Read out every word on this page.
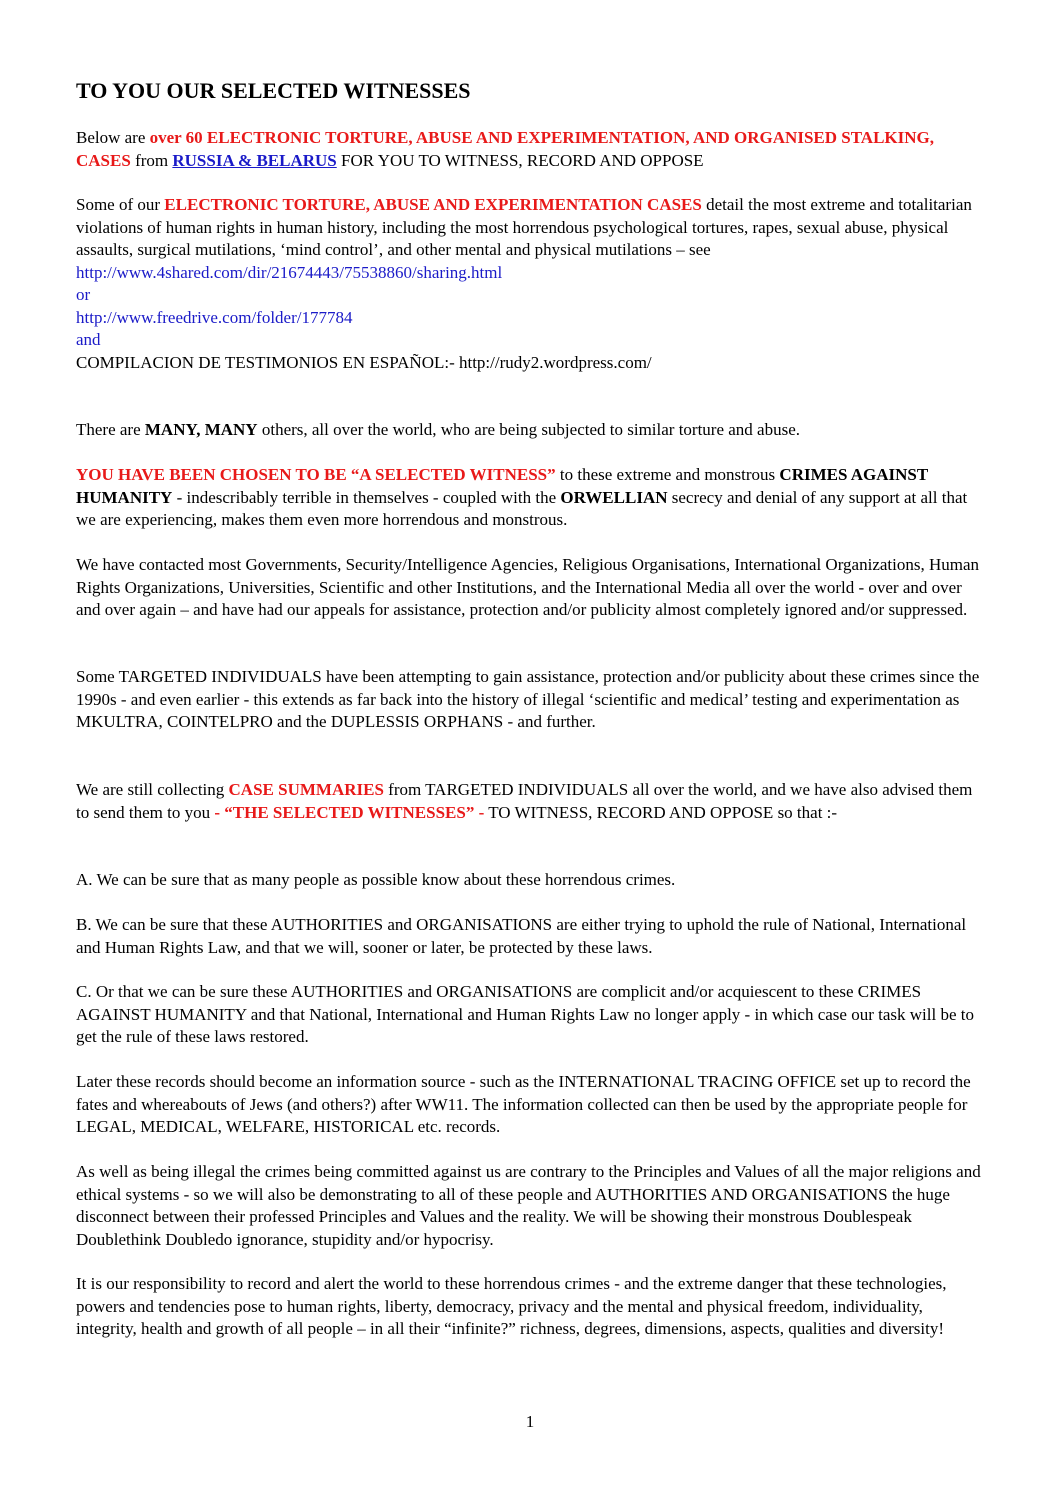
TO YOU OUR SELECTED WITNESSES

Below are over 60 ELECTRONIC TORTURE, ABUSE AND EXPERIMENTATION, AND ORGANISED STALKING, CASES from RUSSIA & BELARUS FOR YOU TO WITNESS, RECORD AND OPPOSE

Some of our ELECTRONIC TORTURE, ABUSE AND EXPERIMENTATION CASES detail the most extreme and totalitarian violations of human rights in human history, including the most horrendous psychological tortures, rapes, sexual abuse, physical assaults, surgical mutilations, ‘mind control’, and other mental and physical mutilations – see
http://www.4shared.com/dir/21674443/75538860/sharing.html
or
http://www.freedrive.com/folder/177784
and
COMPILACION DE TESTIMONIOS EN ESPAÑOL:- http://rudy2.wordpress.com/

There are MANY, MANY others, all over the world, who are being subjected to similar torture and abuse.

YOU HAVE BEEN CHOSEN TO BE “A SELECTED WITNESS” to these extreme and monstrous CRIMES AGAINST HUMANITY - indescribably terrible in themselves - coupled with the ORWELLIAN secrecy and denial of any support at all that we are experiencing, makes them even more horrendous and monstrous.

We have contacted most Governments, Security/Intelligence Agencies, Religious Organisations, International Organizations, Human Rights Organizations, Universities, Scientific and other Institutions, and the International Media all over the world - over and over and over again – and have had our appeals for assistance, protection and/or publicity almost completely ignored and/or suppressed.

Some TARGETED INDIVIDUALS have been attempting to gain assistance, protection and/or publicity about these crimes since the 1990s - and even earlier - this extends as far back into the history of illegal ‘scientific and medical’ testing and experimentation as MKULTRA, COINTELPRO and the DUPLESSIS ORPHANS - and further.

We are still collecting CASE SUMMARIES from TARGETED INDIVIDUALS all over the world, and we have also advised them to send them to you - “THE SELECTED WITNESSES” - TO WITNESS, RECORD AND OPPOSE so that :-

A. We can be sure that as many people as possible know about these horrendous crimes.

B. We can be sure that these AUTHORITIES and ORGANISATIONS are either trying to uphold the rule of National, International and Human Rights Law, and that we will, sooner or later, be protected by these laws.

C. Or that we can be sure these AUTHORITIES and ORGANISATIONS are complicit and/or acquiescent to these CRIMES AGAINST HUMANITY and that National, International and Human Rights Law no longer apply - in which case our task will be to get the rule of these laws restored.

Later these records should become an information source - such as the INTERNATIONAL TRACING OFFICE set up to record the fates and whereabouts of Jews (and others?) after WW11. The information collected can then be used by the appropriate people for LEGAL, MEDICAL, WELFARE, HISTORICAL etc. records.

As well as being illegal the crimes being committed against us are contrary to the Principles and Values of all the major religions and ethical systems - so we will also be demonstrating to all of these people and AUTHORITIES AND ORGANISATIONS the huge disconnect between their professed Principles and Values and the reality. We will be showing their monstrous Doublespeak Doublethink Doubledo ignorance, stupidity and/or hypocrisy.

It is our responsibility to record and alert the world to these horrendous crimes - and the extreme danger that these technologies, powers and tendencies pose to human rights, liberty, democracy, privacy and the mental and physical freedom, individuality, integrity, health and growth of all people – in all their “infinite?” richness, degrees, dimensions, aspects, qualities and diversity!

1
